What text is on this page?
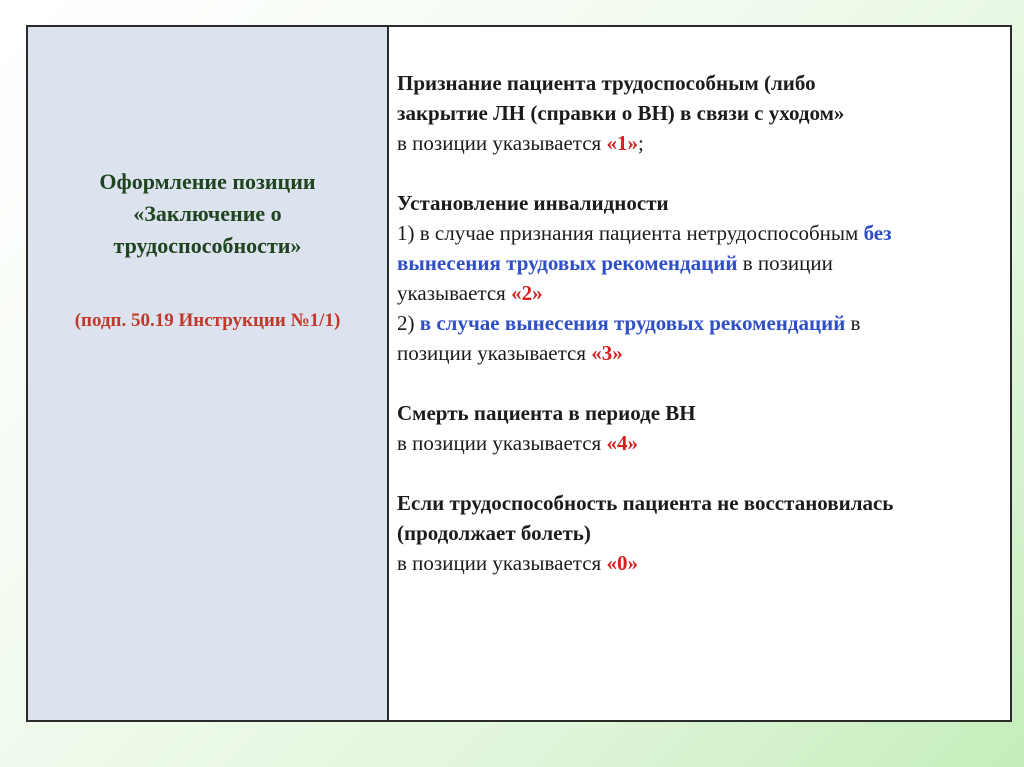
Оформление позиции
«Заключение о
трудоспособности»

(подп. 50.19 Инструкции №1/1)
Признание пациента трудоспособным (либо
закрытие ЛН (справки о ВН) в связи с уходом»
в позиции указывается «1»;
Установление инвалидности
1) в случае признания пациента нетрудоспособным без
вынесения трудовых рекомендаций в позиции
указывается «2»
2) в случае вынесения трудовых рекомендаций в
позиции указывается «3»
Смерть пациента в периоде ВН
в позиции указывается «4»
Если трудоспособность пациента не восстановилась
(продолжает болеть)
в позиции указывается «0»
